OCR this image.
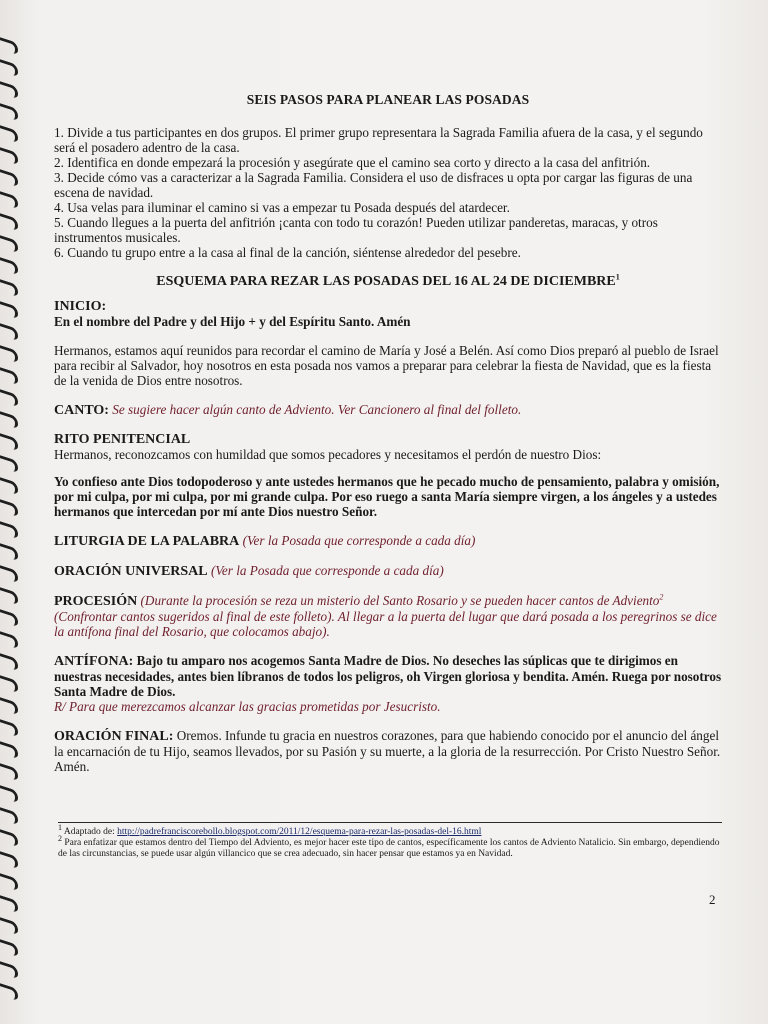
SEIS PASOS PARA PLANEAR LAS POSADAS
1. Divide a tus participantes en dos grupos. El primer grupo representara la Sagrada Familia afuera de la casa, y el segundo será el posadero adentro de la casa.
2. Identifica en donde empezará la procesión y asegúrate que el camino sea corto y directo a la casa del anfitrión.
3. Decide cómo vas a caracterizar a la Sagrada Familia. Considera el uso de disfraces u opta por cargar las figuras de una escena de navidad.
4. Usa velas para iluminar el camino si vas a empezar tu Posada después del atardecer.
5. Cuando llegues a la puerta del anfitrión ¡canta con todo tu corazón! Pueden utilizar panderetas, maracas, y otros instrumentos musicales.
6. Cuando tu grupo entre a la casa al final de la canción, siéntense alrededor del pesebre.
ESQUEMA PARA REZAR LAS POSADAS DEL 16 AL 24 DE DICIEMBRE$^1$
INICIO:
En el nombre del Padre y del Hijo + y del Espíritu Santo. Amén
Hermanos, estamos aquí reunidos para recordar el camino de María y José a Belén. Así como Dios preparó al pueblo de Israel para recibir al Salvador, hoy nosotros en esta posada nos vamos a preparar para celebrar la fiesta de Navidad, que es la fiesta de la venida de Dios entre nosotros.
CANTO: Se sugiere hacer algún canto de Adviento. Ver Cancionero al final del folleto.
RITO PENITENCIAL
Hermanos, reconozcamos con humildad que somos pecadores y necesitamos el perdón de nuestro Dios:
Yo confieso ante Dios todopoderoso y ante ustedes hermanos que he pecado mucho de pensamiento, palabra y omisión, por mi culpa, por mi culpa, por mi grande culpa. Por eso ruego a santa María siempre virgen, a los ángeles y a ustedes hermanos que intercedan por mí ante Dios nuestro Señor.
LITURGIA DE LA PALABRA (Ver la Posada que corresponde a cada día)
ORACIÓN UNIVERSAL (Ver la Posada que corresponde a cada día)
PROCESIÓN (Durante la procesión se reza un misterio del Santo Rosario y se pueden hacer cantos de Adviento$^2$ (Confrontar cantos sugeridos al final de este folleto). Al llegar a la puerta del lugar que dará posada a los peregrinos se dice la antífona final del Rosario, que colocamos abajo).
ANTÍFONA: Bajo tu amparo nos acogemos Santa Madre de Dios. No deseches las súplicas que te dirigimos en nuestras necesidades, antes bien líbranos de todos los peligros, oh Virgen gloriosa y bendita. Amén. Ruega por nosotros Santa Madre de Dios.
R/ Para que merezcamos alcanzar las gracias prometidas por Jesucristo.
ORACIÓN FINAL: Oremos. Infunde tu gracia en nuestros corazones, para que habiendo conocido por el anuncio del ángel la encarnación de tu Hijo, seamos llevados, por su Pasión y su muerte, a la gloria de la resurrección. Por Cristo Nuestro Señor. Amén.
$^1$ Adaptado de: http://padrefranciscorebollo.blogspot.com/2011/12/esquema-para-rezar-las-posadas-del-16.html
$^2$ Para enfatizar que estamos dentro del Tiempo del Adviento, es mejor hacer este tipo de cantos, específicamente los cantos de Adviento Natalicio. Sin embargo, dependiendo de las circunstancias, se puede usar algún villancico que se crea adecuado, sin hacer pensar que estamos ya en Navidad.
2
